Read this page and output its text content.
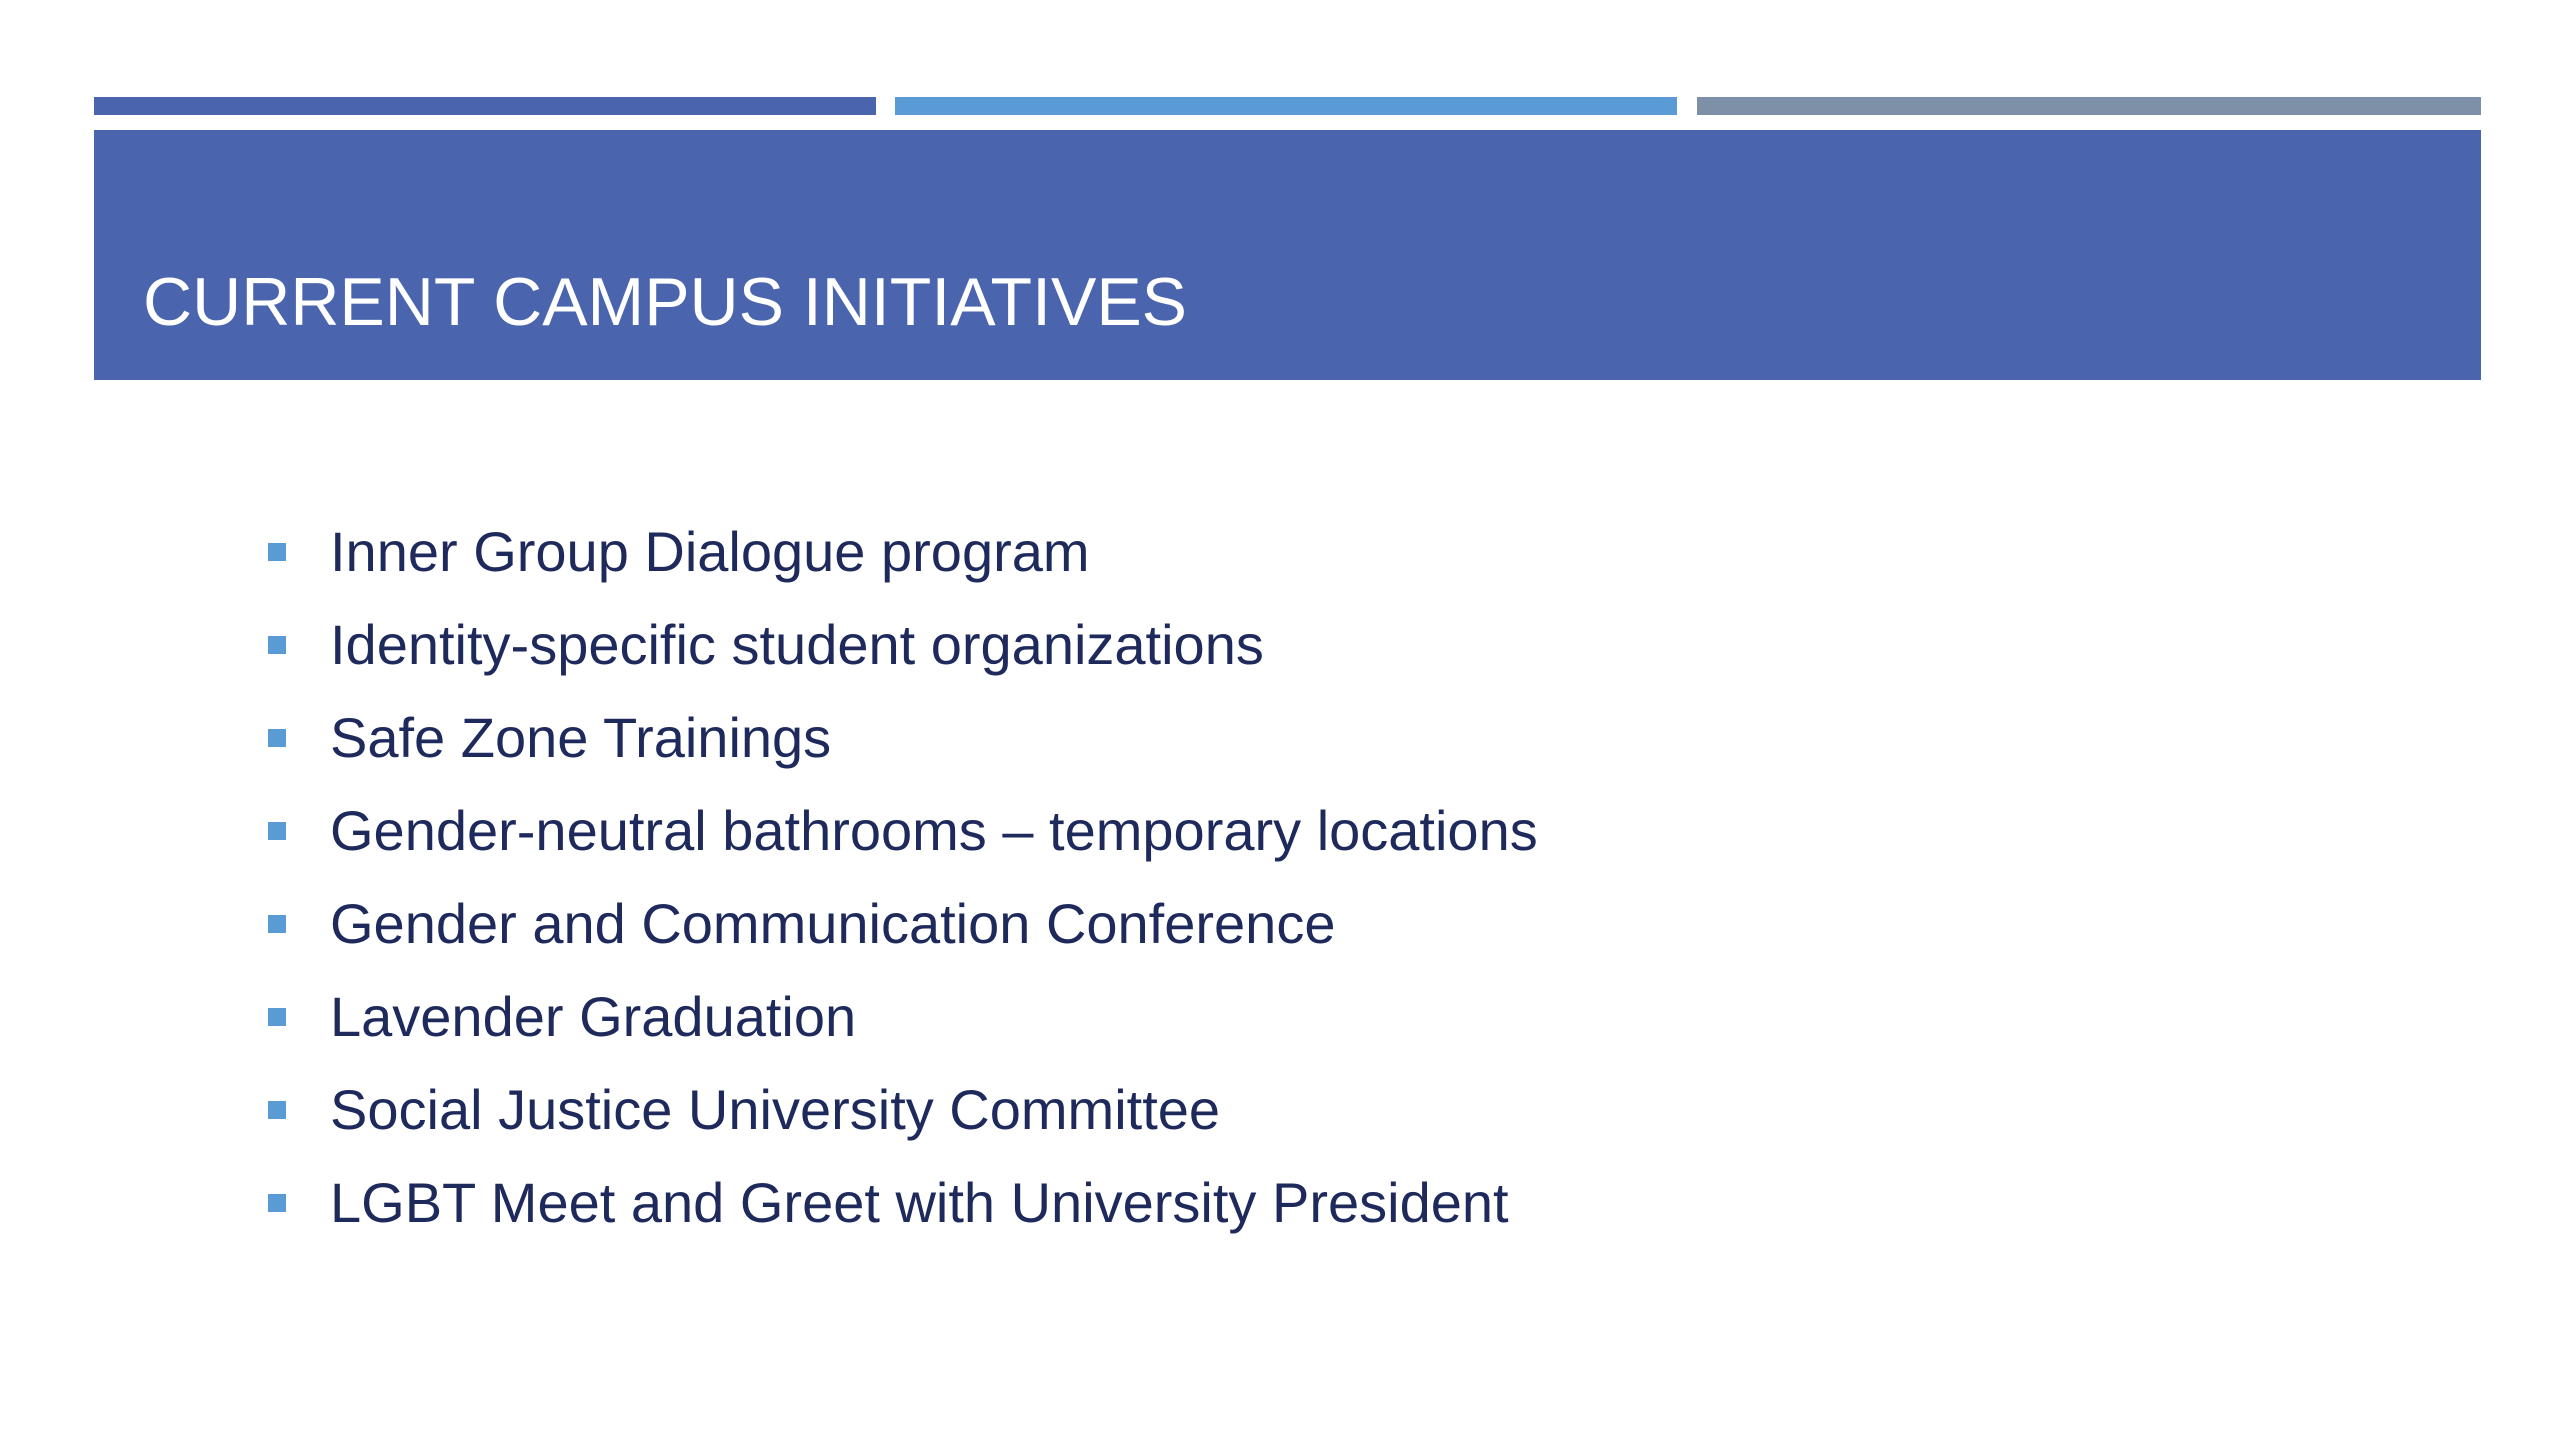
CURRENT CAMPUS INITIATIVES
Inner Group Dialogue program
Identity-specific student organizations
Safe Zone Trainings
Gender-neutral bathrooms – temporary locations
Gender and Communication Conference
Lavender Graduation
Social Justice University Committee
LGBT Meet and Greet with University President
